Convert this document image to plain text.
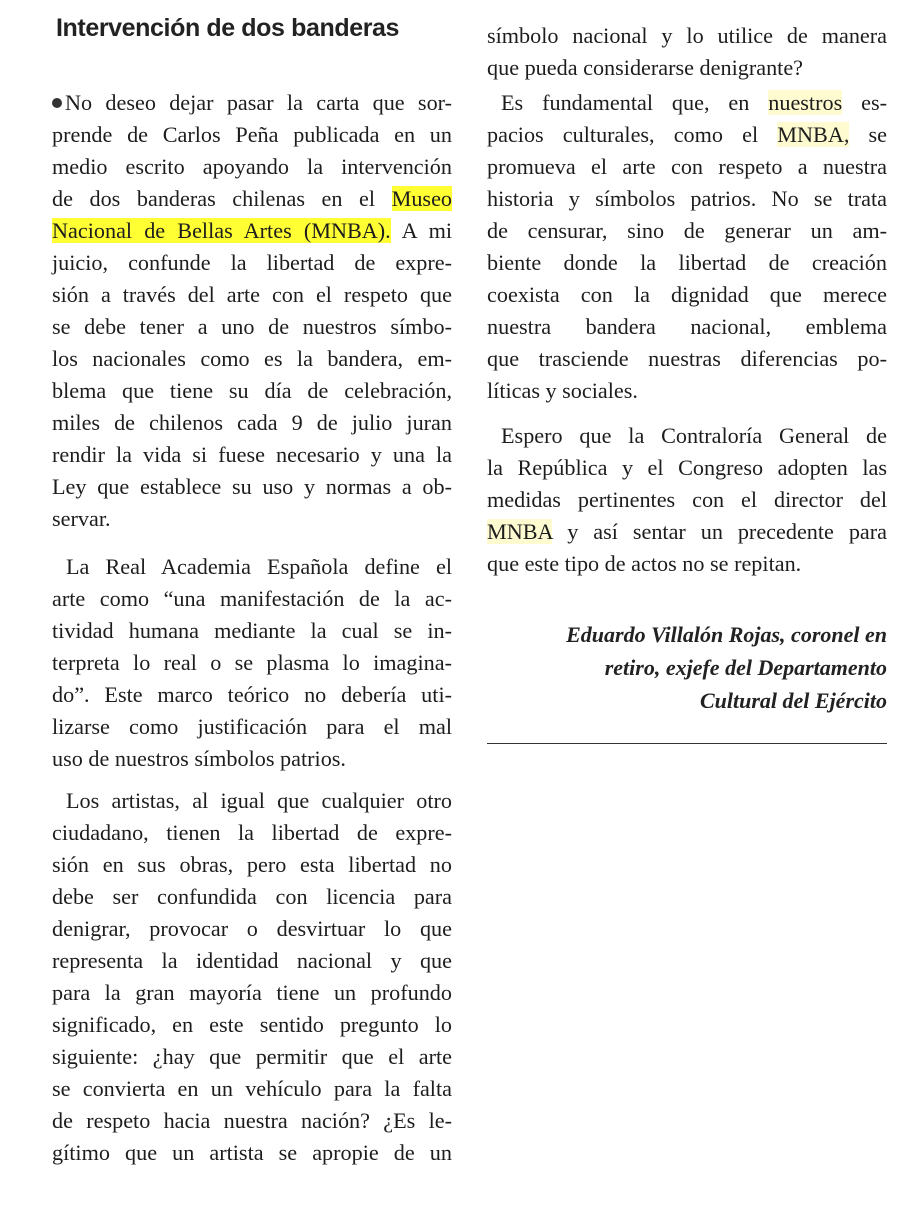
Intervención de dos banderas
No deseo dejar pasar la carta que sor-
prende de Carlos Peña publicada en un
medio escrito apoyando la intervención
de dos banderas chilenas en el Museo
Nacional de Bellas Artes (MNBA). A mi
juicio, confunde la libertad de expre-
sión a través del arte con el respeto que
se debe tener a uno de nuestros símbo-
los nacionales como es la bandera, em-
blema que tiene su día de celebración,
miles de chilenos cada 9 de julio juran
rendir la vida si fuese necesario y una la
Ley que establece su uso y normas a ob-
servar.
La Real Academia Española define el
arte como “una manifestación de la ac-
tividad humana mediante la cual se in-
terpreta lo real o se plasma lo imagina-
do”. Este marco teórico no debería uti-
lizarse como justificación para el mal
uso de nuestros símbolos patrios.
Los artistas, al igual que cualquier otro
ciudadano, tienen la libertad de expre-
sión en sus obras, pero esta libertad no
debe ser confundida con licencia para
denigrar, provocar o desvirtuar lo que
representa la identidad nacional y que
para la gran mayoría tiene un profundo
significado, en este sentido pregunto lo
siguiente: ¿hay que permitir que el arte
se convierta en un vehículo para la falta
de respeto hacia nuestra nación? ¿Es le-
gítimo que un artista se apropie de un
símbolo nacional y lo utilice de manera
que pueda considerarse denigrante?
Es fundamental que, en nuestros es-
pacios culturales, como el MNBA, se
promueva el arte con respeto a nuestra
historia y símbolos patrios. No se trata
de censurar, sino de generar un am-
biente donde la libertad de creación
coexista con la dignidad que merece
nuestra bandera nacional, emblema
que trasciende nuestras diferencias po-
líticas y sociales.
Espero que la Contraloría General de
la República y el Congreso adopten las
medidas pertinentes con el director del
MNBA y así sentar un precedente para
que este tipo de actos no se repitan.
Eduardo Villalón Rojas, coronel en
retiro, exjefe del Departamento
Cultural del Ejército
